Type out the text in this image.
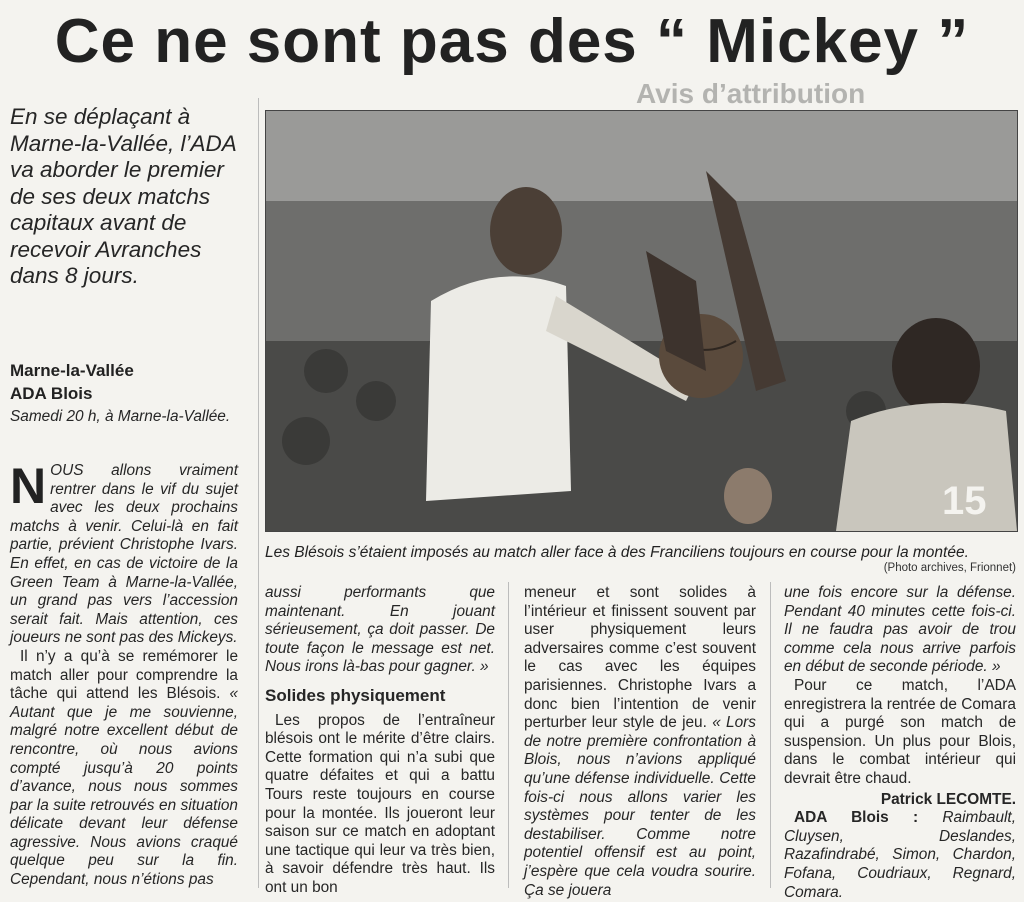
Avis d’attribution
Ce ne sont pas des “ Mickey ”
En se déplaçant à Marne-la-Vallée, l’ADA va aborder le premier de ses deux matchs capitaux avant de recevoir Avranches dans 8 jours.
Marne-la-Vallée
ADA Blois
Samedi 20 h, à Marne-la-Vallée.
15
Les Blésois s’étaient imposés au match aller face à des Franciliens toujours en course pour la montée.
(Photo archives, Frionnet)

N OUS allons vraiment rentrer dans le vif du sujet avec les deux prochains matchs à venir. Celui-là en fait partie, prévient Christophe Ivars. En effet, en cas de victoire de la Green Team à Marne-la-Vallée, un grand pas vers l’accession serait fait. Mais attention, ces joueurs ne sont pas des Mickeys.

Il n’y a qu’à se remémorer le match aller pour comprendre la tâche qui attend les Blésois. « Autant que je me souvienne, malgré notre excellent début de rencontre, où nous avions compté jusqu’à 20 points d’avance, nous nous sommes par la suite retrouvés en situation délicate devant leur défense agressive. Nous avions craqué quelque peu sur la fin. Cependant, nous n’étions pas

aussi performants que maintenant. En jouant sérieusement, ça doit passer. De toute façon le message est net. Nous irons là-bas pour gagner. »

Solides physiquement

Les propos de l’entraîneur blésois ont le mérite d’être clairs. Cette formation qui n’a subi que quatre défaites et qui a battu Tours reste toujours en course pour la montée. Ils joueront leur saison sur ce match en adoptant une tactique qui leur va très bien, à savoir défendre très haut. Ils ont un bon

meneur et sont solides à l’intérieur et finissent souvent par user physiquement leurs adversaires comme c’est souvent le cas avec les équipes parisiennes. Christophe Ivars a donc bien l’intention de venir perturber leur style de jeu. « Lors de notre première confrontation à Blois, nous n’avions appliqué qu’une défense individuelle. Cette fois-ci nous allons varier les systèmes pour tenter de les destabiliser. Comme notre potentiel offensif est au point, j’espère que cela voudra sourire. Ça se jouera

une fois encore sur la défense. Pendant 40 minutes cette fois-ci. Il ne faudra pas avoir de trou comme cela nous arrive parfois en début de seconde période. »

Pour ce match, l’ADA enregistrera la rentrée de Comara qui a purgé son match de suspension. Un plus pour Blois, dans le combat intérieur qui devrait être chaud.

Patrick LECOMTE.

ADA Blois : Raimbault, Cluysen, Deslandes, Razafindrabé, Simon, Chardon, Fofana, Coudriaux, Regnard, Comara.
